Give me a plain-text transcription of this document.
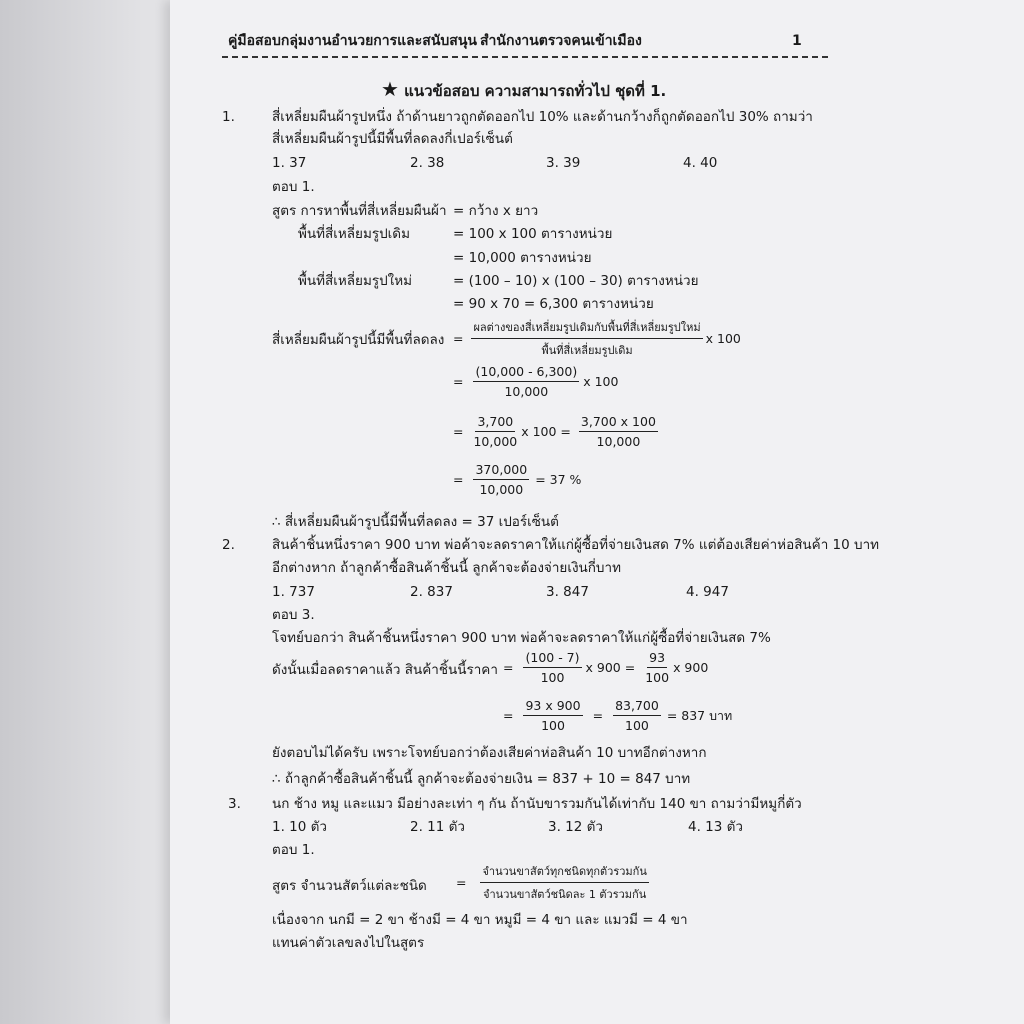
คู่มือสอบกลุ่มงานอำนวยการและสนับสนุน สำนักงานตรวจคนเข้าเมือง	1
★ แนวข้อสอบ ความสามารถทั่วไป ชุดที่ 1.
1.	สี่เหลี่ยมผืนผ้ารูปหนึ่ง ถ้าด้านยาวถูกตัดออกไป 10% และด้านกว้างก็ถูกตัดออกไป 30% ถามว่า
สี่เหลี่ยมผืนผ้ารูปนี้มีพื้นที่ลดลงกี่เปอร์เซ็นต์
1. 37	2. 38	3. 39	4. 40
ตอบ 1.
สูตร การหาพื้นที่สี่เหลี่ยมผืนผ้า = กว้าง x ยาว
พื้นที่สี่เหลี่ยมรูปเดิม	= 100 x 100 ตารางหน่วย
= 10,000 ตารางหน่วย
พื้นที่สี่เหลี่ยมรูปใหม่	= (100 – 10) x (100 – 30) ตารางหน่วย
= 90 x 70 = 6,300 ตารางหน่วย
สี่เหลี่ยมผืนผ้ารูปนี้มีพื้นที่ลดลง =
ผลต่างของสี่เหลี่ยมรูปเดิมกับพื้นที่สี่เหลี่ยมรูปใหม่
พื้นที่สี่เหลี่ยมรูปเดิม
x 100
= $\frac{(10,000 - 6,300)}{10,000}$ x 100
= $\frac{3,700}{10,000}$ x $100 = \frac{3,700 x 100}{10,000}$
= $\frac{370,000}{10,000} = 37$ %
∴ สี่เหลี่ยมผืนผ้ารูปนี้มีพื้นที่ลดลง = 37 เปอร์เซ็นต์
2.	สินค้าชิ้นหนึ่งราคา 900 บาท พ่อค้าจะลดราคาให้แก่ผู้ซื้อที่จ่ายเงินสด 7% แต่ต้องเสียค่าห่อสินค้า 10 บาท
อีกต่างหาก ถ้าลูกค้าซื้อสินค้าชิ้นนี้ ลูกค้าจะต้องจ่ายเงินกี่บาท
1. 737	2. 837	3. 847	4. 947
ตอบ 3.
โจทย์บอกว่า สินค้าชิ้นหนึ่งราคา 900 บาท พ่อค้าจะลดราคาให้แก่ผู้ซื้อที่จ่ายเงินสด 7%
ดังนั้นเมื่อลดราคาแล้ว สินค้าชิ้นนี้ราคา = $\frac{(100 - 7)}{100}$ x $900 = \frac{93}{100}$ x 900
= $\frac{93 x 900}{100} = \frac{83,700}{100} = 837$ บาท
ยังตอบไม่ได้ครับ เพราะโจทย์บอกว่าต้องเสียค่าห่อสินค้า 10 บาทอีกต่างหาก
∴ ถ้าลูกค้าซื้อสินค้าชิ้นนี้ ลูกค้าจะต้องจ่ายเงิน = 837 + 10 = 847 บาท
3. นก ช้าง หมู และแมว มีอย่างละเท่า ๆ กัน ถ้านับขารวมกันได้เท่ากับ 140 ขา ถามว่ามีหมูกี่ตัว
1. 10 ตัว	2. 11 ตัว	3. 12 ตัว	4. 13 ตัว
ตอบ 1.
สูตร จำนวนสัตว์แต่ละชนิด =
จำนวนขาสัตว์ทุกชนิดทุกตัวรวมกัน
จำนวนขาสัตว์ชนิดละ 1 ตัวรวมกัน
เนื่องจาก นกมี = 2 ขา ช้างมี = 4 ขา หมูมี = 4 ขา และ แมวมี = 4 ขา
แทนค่าตัวเลขลงไปในสูตร
